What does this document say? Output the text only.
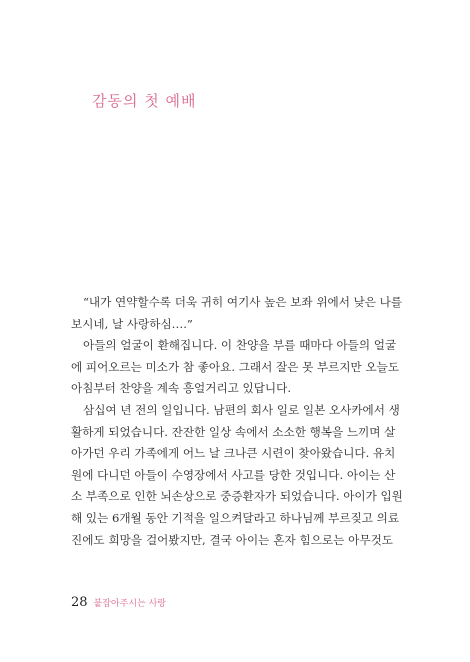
감동의 첫 예배
“내가 연약할수록 더욱 귀히 여기사 높은 보좌 위에서 낮은 나를
보시네, 날 사랑하심….”
아들의 얼굴이 환해집니다. 이 찬양을 부를 때마다 아들의 얼굴
에 피어오르는 미소가 참 좋아요. 그래서 잘은 못 부르지만 오늘도
아침부터 찬양을 계속 흥얼거리고 있답니다.
삼십여 년 전의 일입니다. 남편의 회사 일로 일본 오사카에서 생
활하게 되었습니다. 잔잔한 일상 속에서 소소한 행복을 느끼며 살
아가던 우리 가족에게 어느 날 크나큰 시련이 찾아왔습니다. 유치
원에 다니던 아들이 수영장에서 사고를 당한 것입니다. 아이는 산
소 부족으로 인한 뇌손상으로 중증환자가 되었습니다. 아이가 입원
해 있는 6개월 동안 기적을 일으켜달라고 하나님께 부르짖고 의료
진에도 희망을 걸어봤지만, 결국 아이는 혼자 힘으로는 아무것도
28 붙잡아주시는 사랑
